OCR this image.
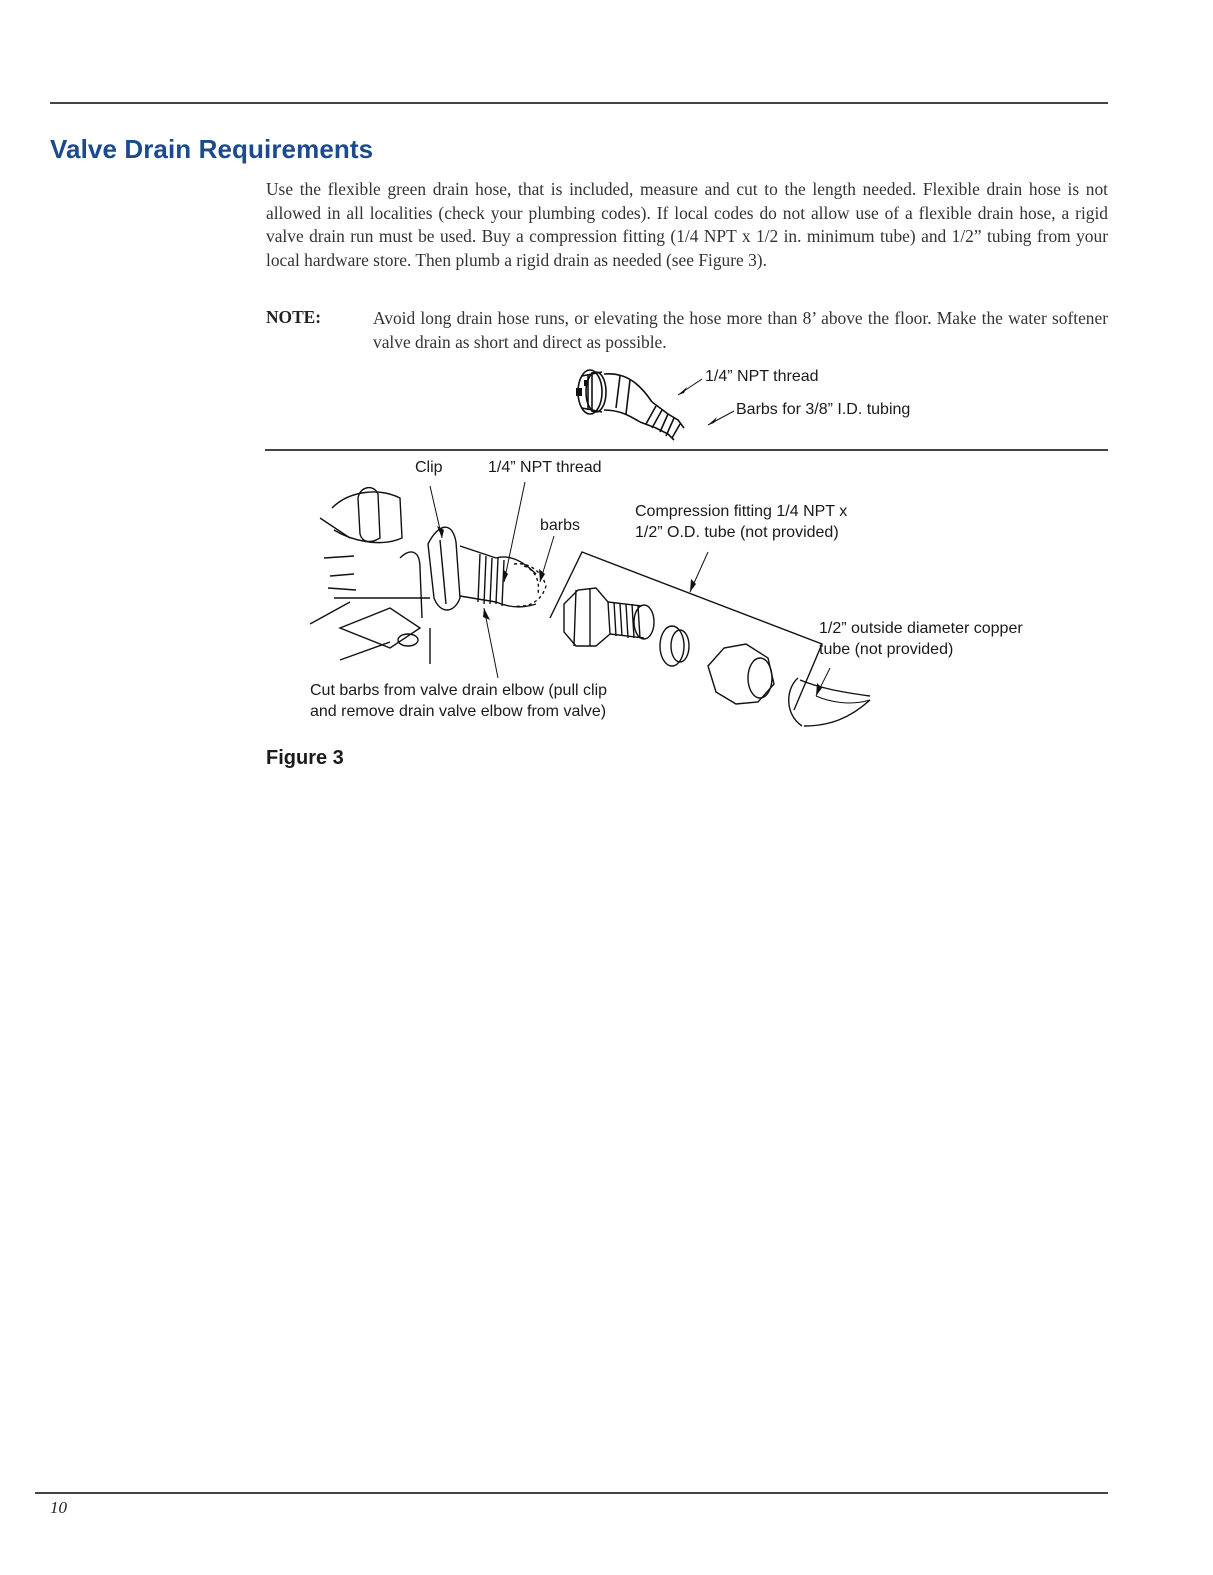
Valve Drain Requirements

Use the flexible green drain hose, that is included, measure and cut to the length needed. Flexible drain hose is not allowed in all localities (check your plumbing codes). If local codes do not allow use of a flexible drain hose, a rigid valve drain run must be used. Buy a compression fitting (1/4 NPT x 1/2 in. minimum tube) and 1/2” tubing from your local hardware store. Then plumb a rigid drain as needed (see Figure 3).

NOTE:	Avoid long drain hose runs, or elevating the hose more than 8’ above the floor. Make the water softener valve drain as short and direct as possible.

1/4” NPT thread

Barbs for 3/8” I.D. tubing

Clip	1/4” NPT thread

barbs

Compression fitting 1/4 NPT x

1/2” O.D. tube (not provided)

1/2” outside diameter copper

tube (not provided)

Cut barbs from valve drain elbow (pull clip

and remove drain valve elbow from valve)

Figure 3

10
